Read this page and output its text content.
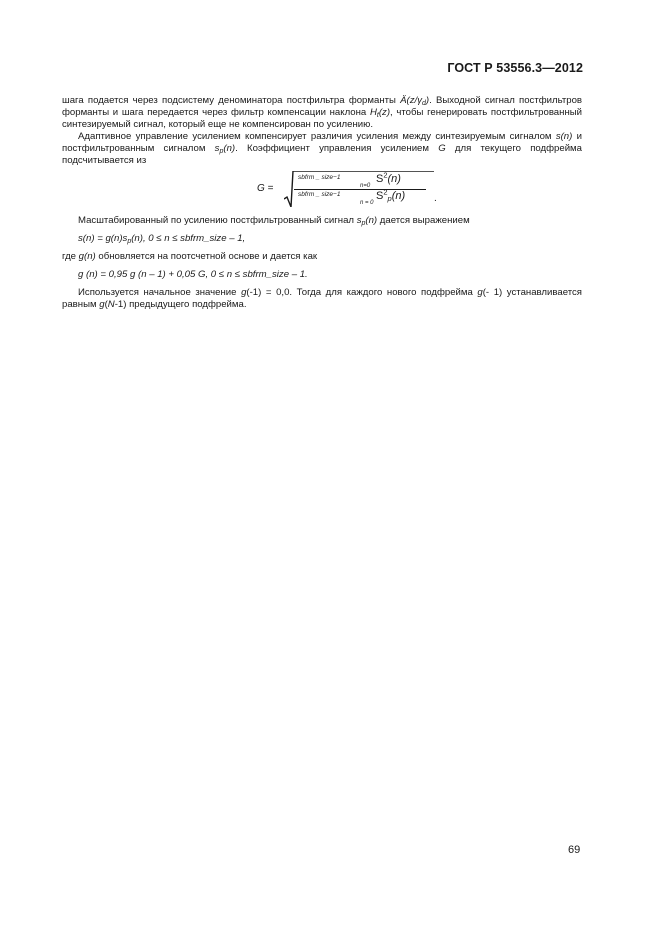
ГОСТ Р 53556.3—2012

шага подается через подсистему деноминатора постфильтра форманты $Ä(z/\gamma_d)$. Выходной сигнал постфильтров форманты и шага передается через фильтр компенсации наклона $H_t(z)$, чтобы генерировать постфильтрованный синтезируемый сигнал, который еще не компенсирован по усилению.

Адаптивное управление усилением компенсирует различия усиления между синтезируемым сигналом s(n) и постфильтрованным сигналом $s_p(n)$. Коэффициент управления усилением G для текущего подфрейма подсчитывается из

G =
sbfrm _ size−1
n=0
$S^2(n)$
sbfrm _ size−1
n = 0
$S^2_p(n)$	.

Масштабированный по усилению постфильтрованный сигнал $s_p(n)$ дается выражением

$s(n) = g(n)s_p(n)$, 0 ≤ n ≤ sbfrm_size – 1,

где g(n) обновляется на поотсчетной основе и дается как

g (n) = 0,95 g (n – 1) + 0,05 G, 0 ≤ n ≤ sbfrm_size – 1.

Используется начальное значение g(-1) = 0,0. Тогда для каждого нового подфрейма g(- 1) устанавливается равным g(N-1) предыдущего подфрейма.

69
